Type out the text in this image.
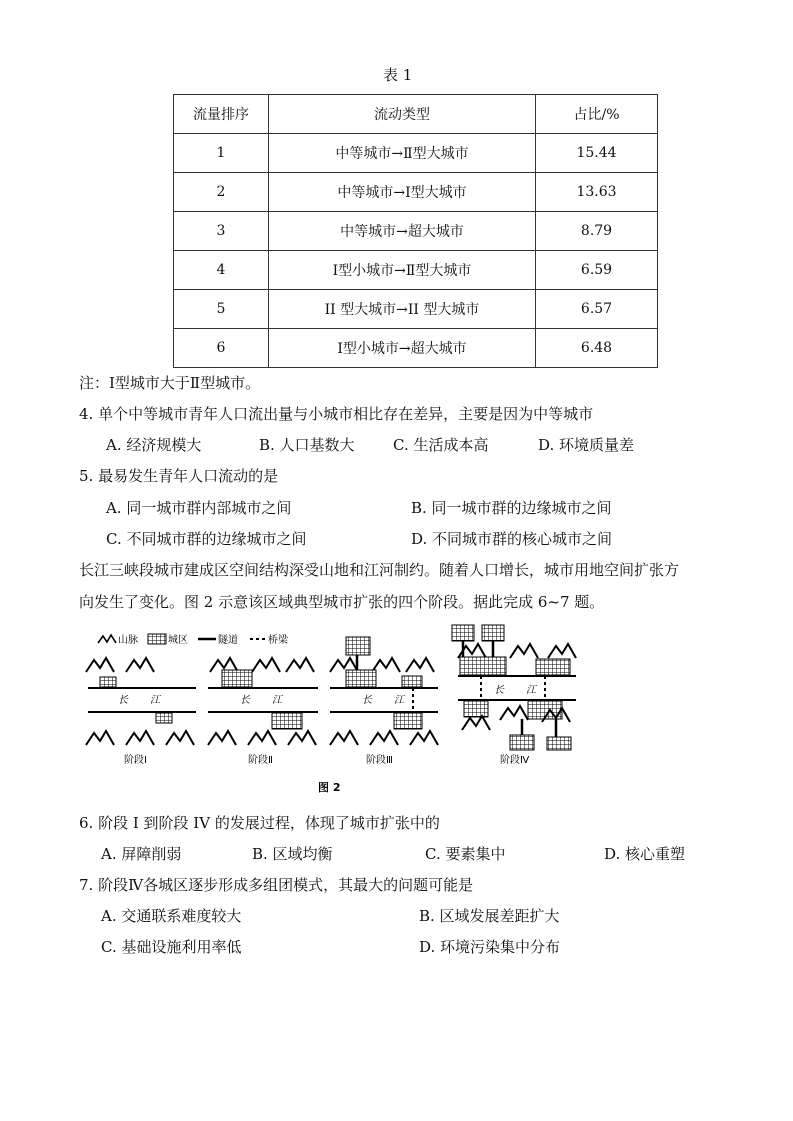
表 1
流量排序	流动类型	占比/%
1	中等城市→Ⅱ型大城市	15.44
2	中等城市→Ⅰ型大城市	13.63
3	中等城市→超大城市	8.79
4	Ⅰ型小城市→Ⅱ型大城市	6.59
5	II 型大城市→II 型大城市	6.57
6	Ⅰ型小城市→超大城市	6.48
注：Ⅰ型城市大于Ⅱ型城市。
4. 单个中等城市青年人口流出量与小城市相比存在差异，主要是因为中等城市
A. 经济规模大	B. 人口基数大	C. 生活成本高	D. 环境质量差
5. 最易发生青年人口流动的是
A. 同一城市群内部城市之间	B. 同一城市群的边缘城市之间
C. 不同城市群的边缘城市之间	D. 不同城市群的核心城市之间
长江三峡段城市建成区空间结构深受山地和江河制约。随着人口增长，城市用地空间扩张方
向发生了变化。图 2 示意该区域典型城市扩张的四个阶段。据此完成 6~7 题。
山脉	城区	隧道	桥梁
长 江
阶段Ⅰ
长 江
阶段Ⅱ
长 江
阶段Ⅲ
长 江
阶段Ⅳ
图 2
6. 阶段 I 到阶段 IV 的发展过程，体现了城市扩张中的
A. 屏障削弱	B. 区域均衡	C. 要素集中	D. 核心重塑
7. 阶段Ⅳ各城区逐步形成多组团模式，其最大的问题可能是
A. 交通联系难度较大	B. 区域发展差距扩大
C. 基础设施利用率低	D. 环境污染集中分布
